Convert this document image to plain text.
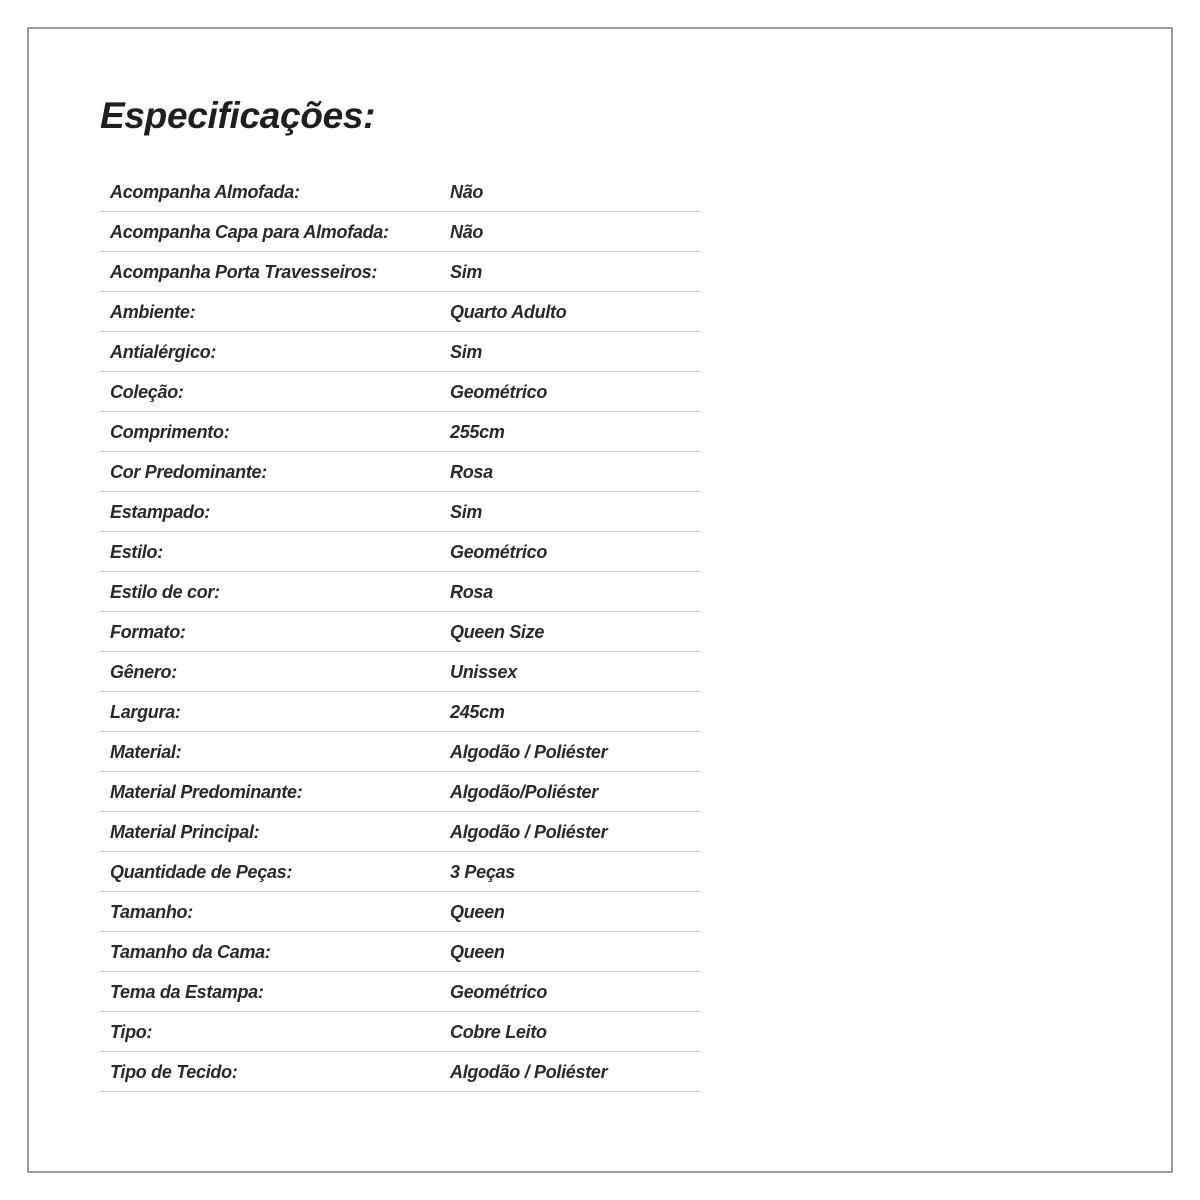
Especificações:
Acompanha Almofada:	Não
Acompanha Capa para Almofada:	Não
Acompanha Porta Travesseiros:	Sim
Ambiente:	Quarto Adulto
Antialérgico:	Sim
Coleção:	Geométrico
Comprimento:	255cm
Cor Predominante:	Rosa
Estampado:	Sim
Estilo:	Geométrico
Estilo de cor:	Rosa
Formato:	Queen Size
Gênero:	Unissex
Largura:	245cm
Material:	Algodão / Poliéster
Material Predominante:	Algodão/Poliéster
Material Principal:	Algodão / Poliéster
Quantidade de Peças:	3 Peças
Tamanho:	Queen
Tamanho da Cama:	Queen
Tema da Estampa:	Geométrico
Tipo:	Cobre Leito
Tipo de Tecido:	Algodão / Poliéster
